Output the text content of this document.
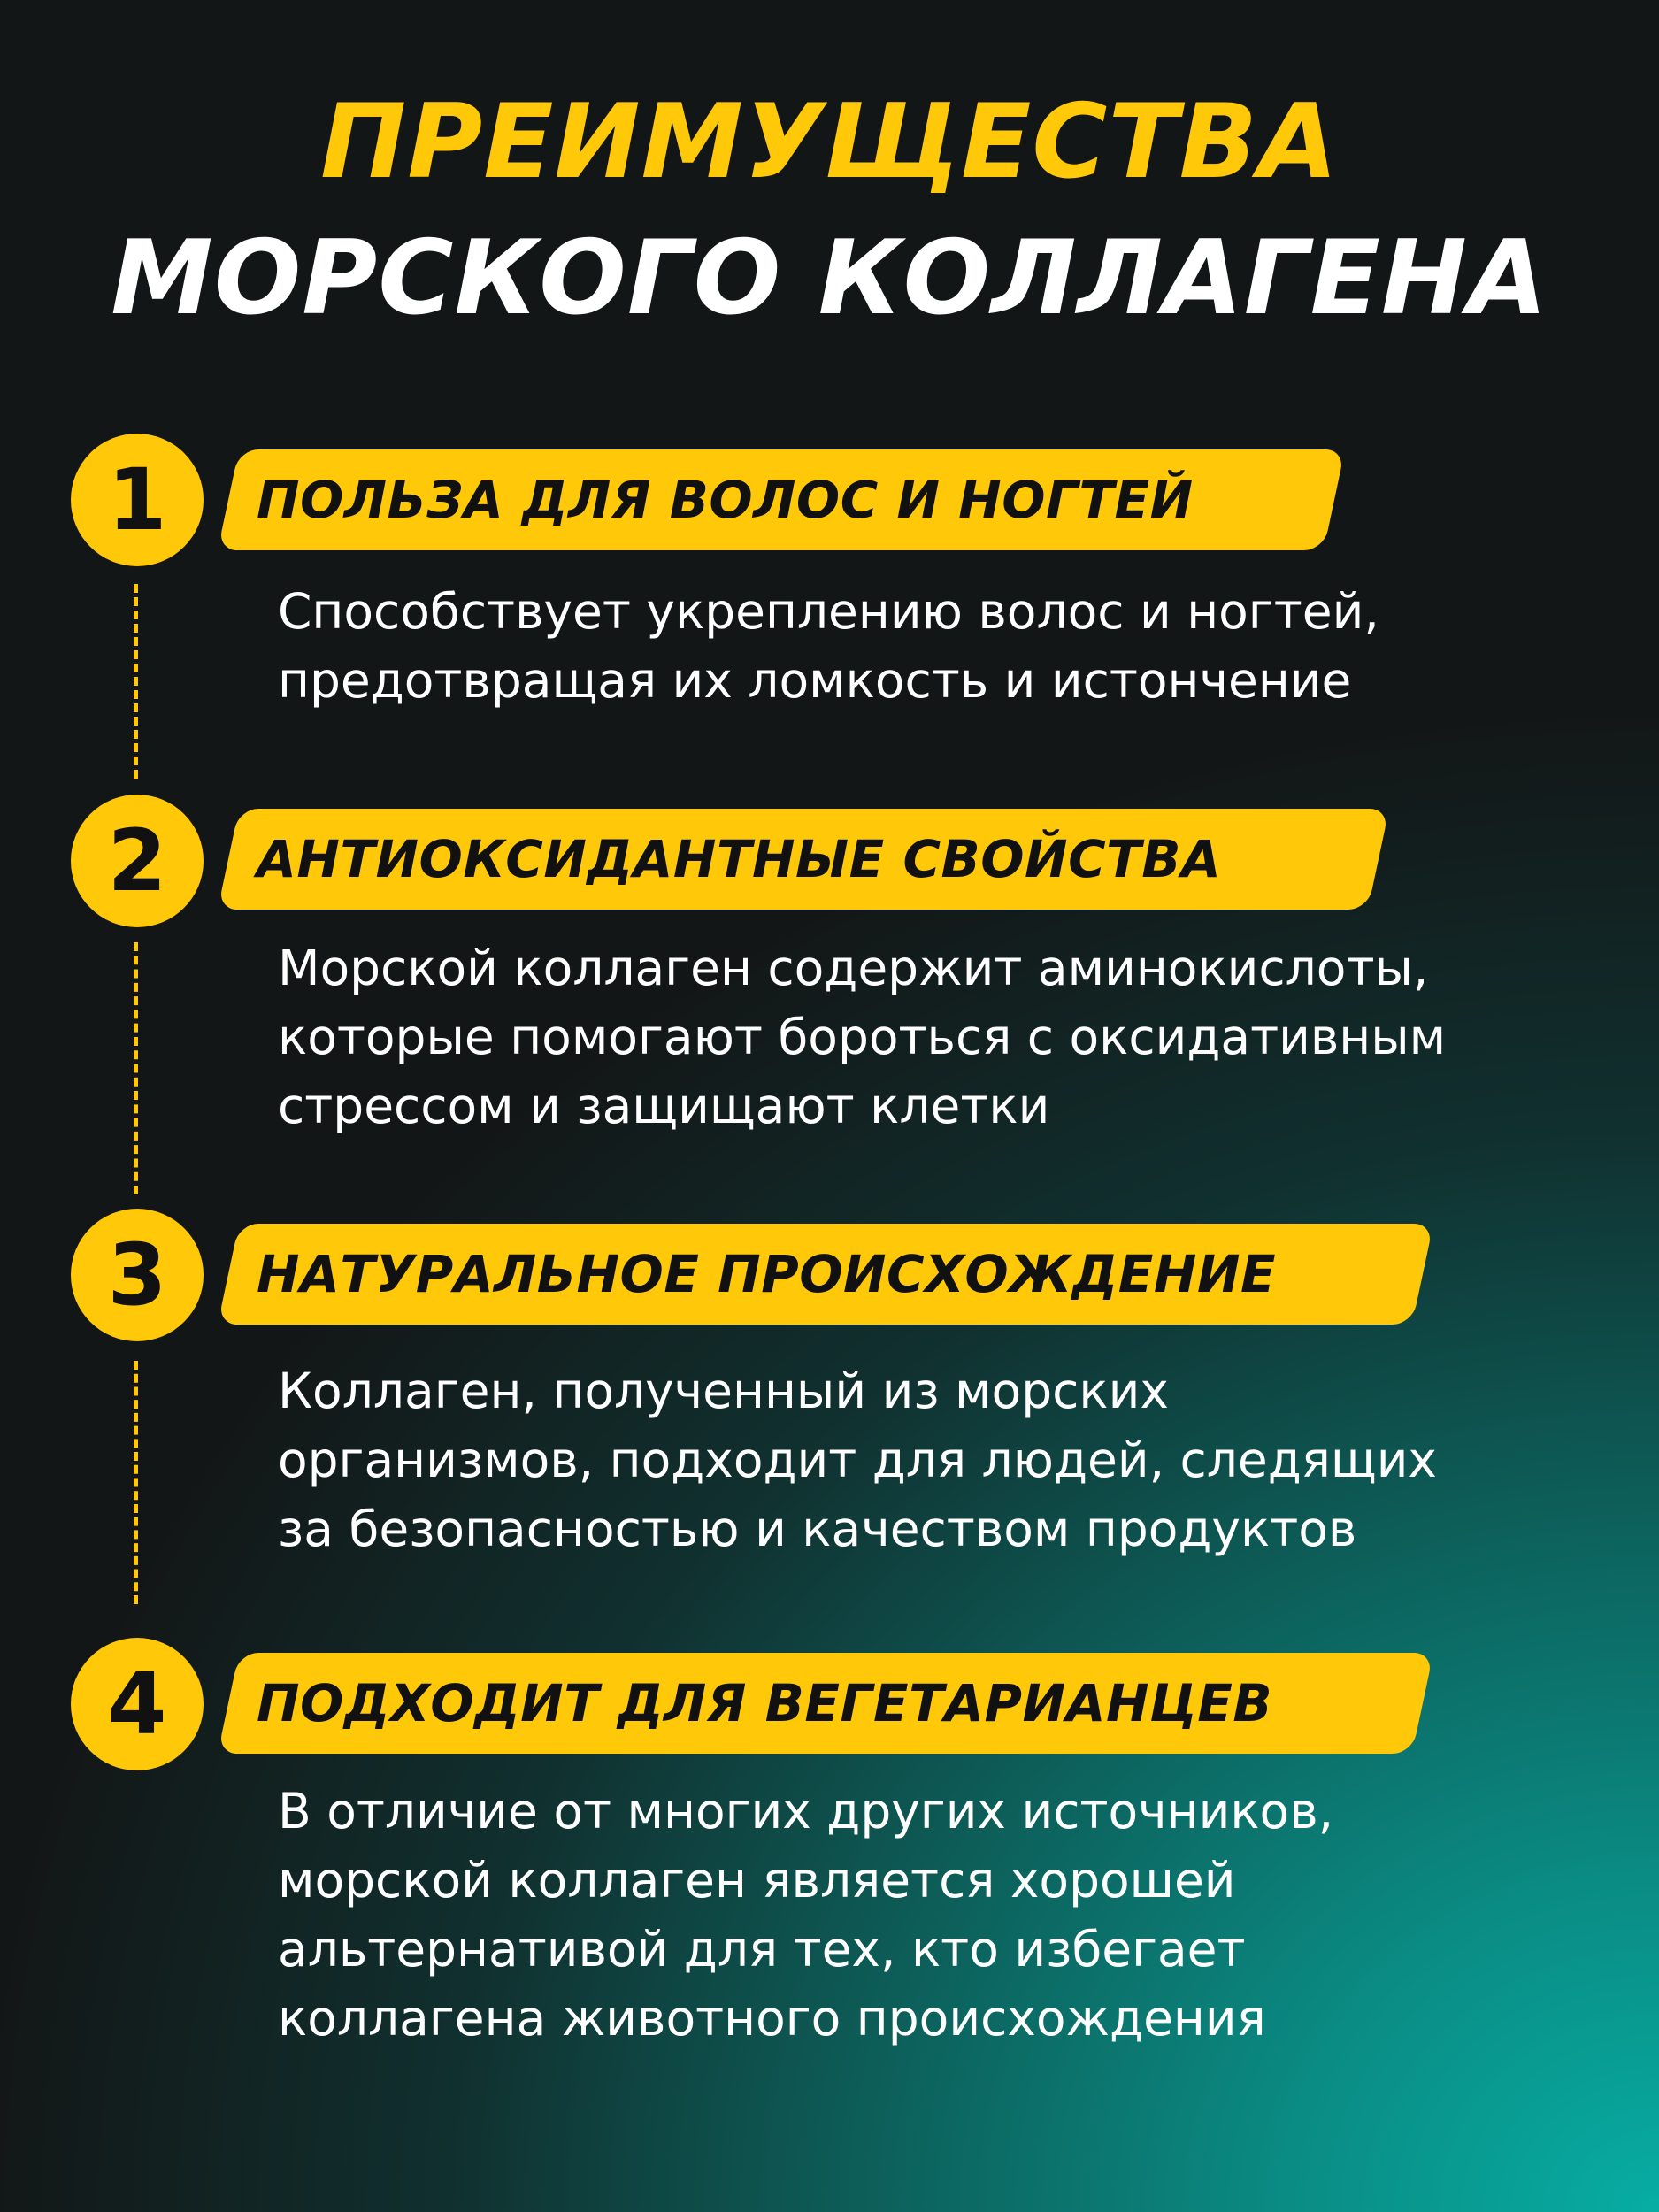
ПРЕИМУЩЕСТВА
МОРСКОГО КОЛЛАГЕНА
1	ПОЛЬЗА ДЛЯ ВОЛОС И НОГТЕЙ
Способствует укреплению волос и ногтей,
предотвращая их ломкость и истончение
2	АНТИОКСИДАНТНЫЕ СВОЙСТВА
Морской коллаген содержит аминокислоты,
которые помогают бороться с оксидативным
стрессом и защищают клетки
3	НАТУРАЛЬНОЕ ПРОИСХОЖДЕНИЕ
Коллаген, полученный из морских
организмов, подходит для людей, следящих
за безопасностью и качеством продуктов
4	ПОДХОДИТ ДЛЯ ВЕГЕТАРИАНЦЕВ
В отличие от многих других источников,
морской коллаген является хорошей
альтернативой для тех, кто избегает
коллагена животного происхождения
